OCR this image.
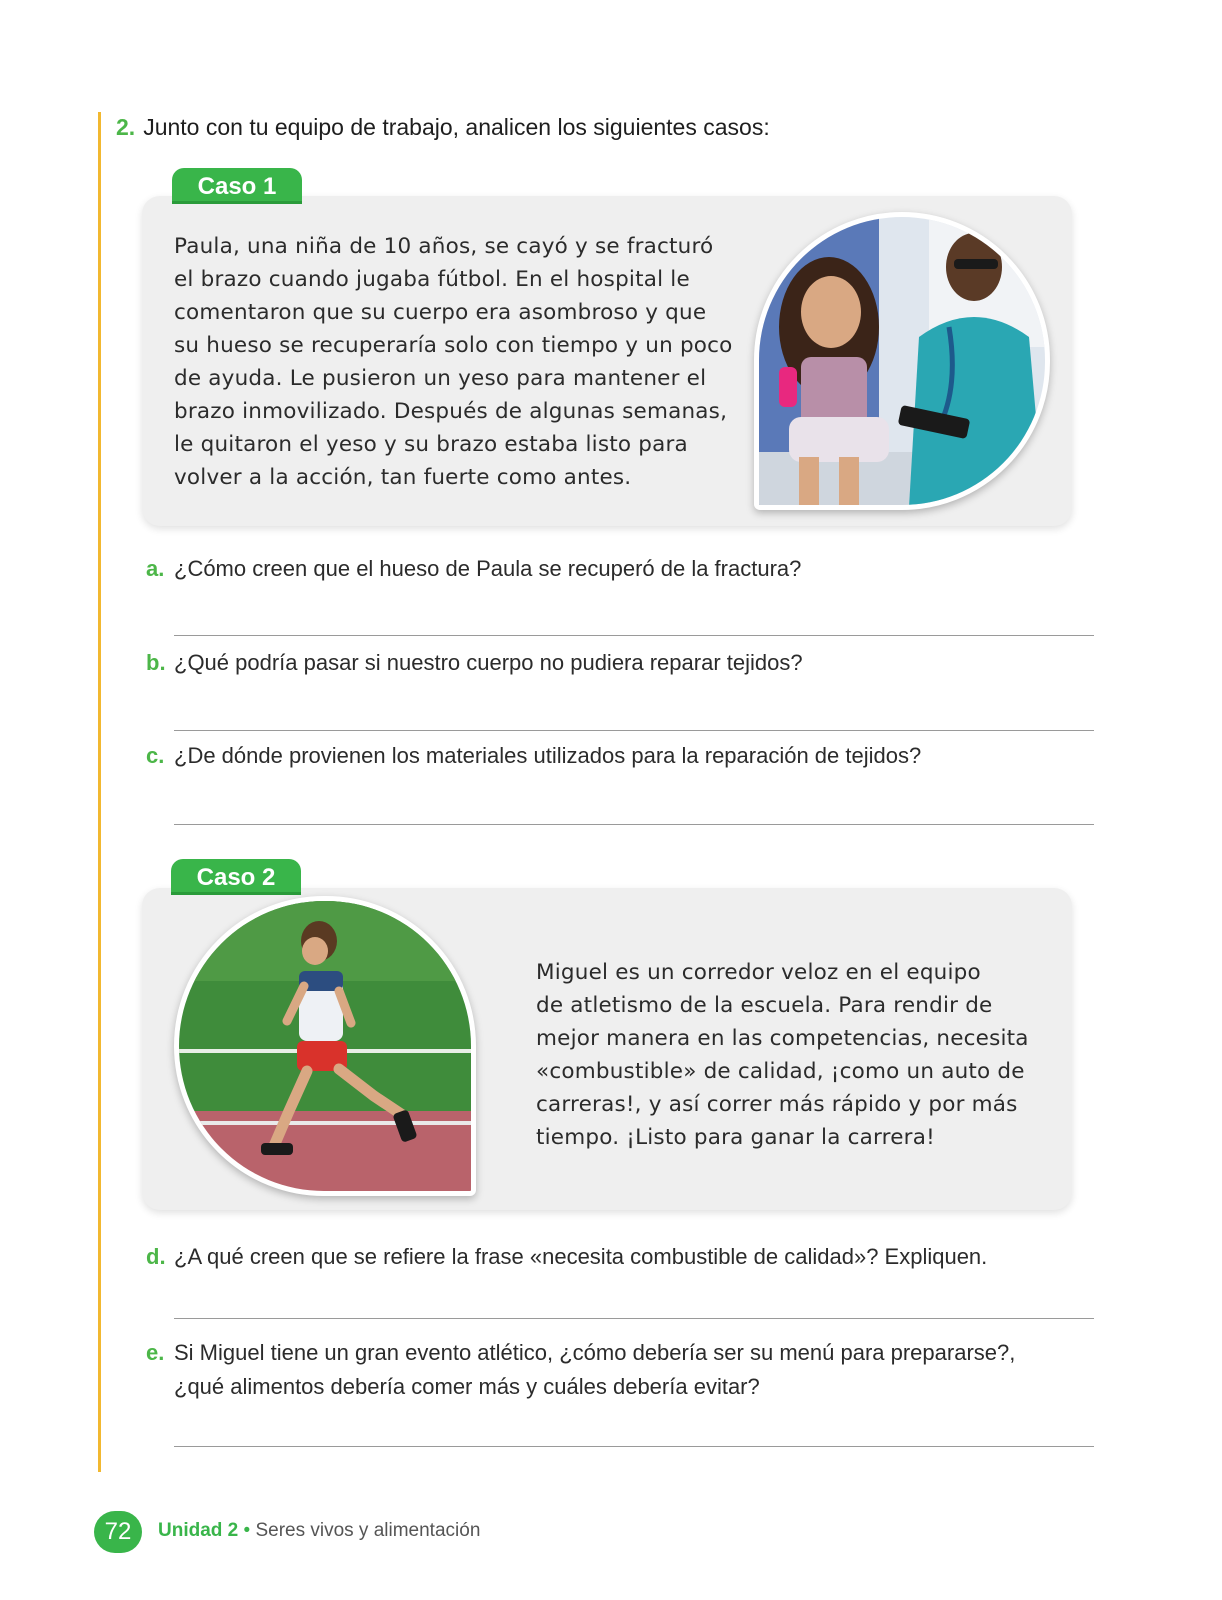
2. Junto con tu equipo de trabajo, analicen los siguientes casos:
Caso 1
Paula, una niña de 10 años, se cayó y se fracturó
el brazo cuando jugaba fútbol. En el hospital le
comentaron que su cuerpo era asombroso y que
su hueso se recuperaría solo con tiempo y un poco
de ayuda. Le pusieron un yeso para mantener el
brazo inmovilizado. Después de algunas semanas,
le quitaron el yeso y su brazo estaba listo para
volver a la acción, tan fuerte como antes.
a. ¿Cómo creen que el hueso de Paula se recuperó de la fractura?
b. ¿Qué podría pasar si nuestro cuerpo no pudiera reparar tejidos?
c. ¿De dónde provienen los materiales utilizados para la reparación de tejidos?
Caso 2
Miguel es un corredor veloz en el equipo
de atletismo de la escuela. Para rendir de
mejor manera en las competencias, necesita
«combustible» de calidad, ¡como un auto de
carreras!, y así correr más rápido y por más
tiempo. ¡Listo para ganar la carrera!
d. ¿A qué creen que se refiere la frase «necesita combustible de calidad»? Expliquen.
e. Si Miguel tiene un gran evento atlético, ¿cómo debería ser su menú para prepararse?,
¿qué alimentos debería comer más y cuáles debería evitar?
72	Unidad 2 • Seres vivos y alimentación
